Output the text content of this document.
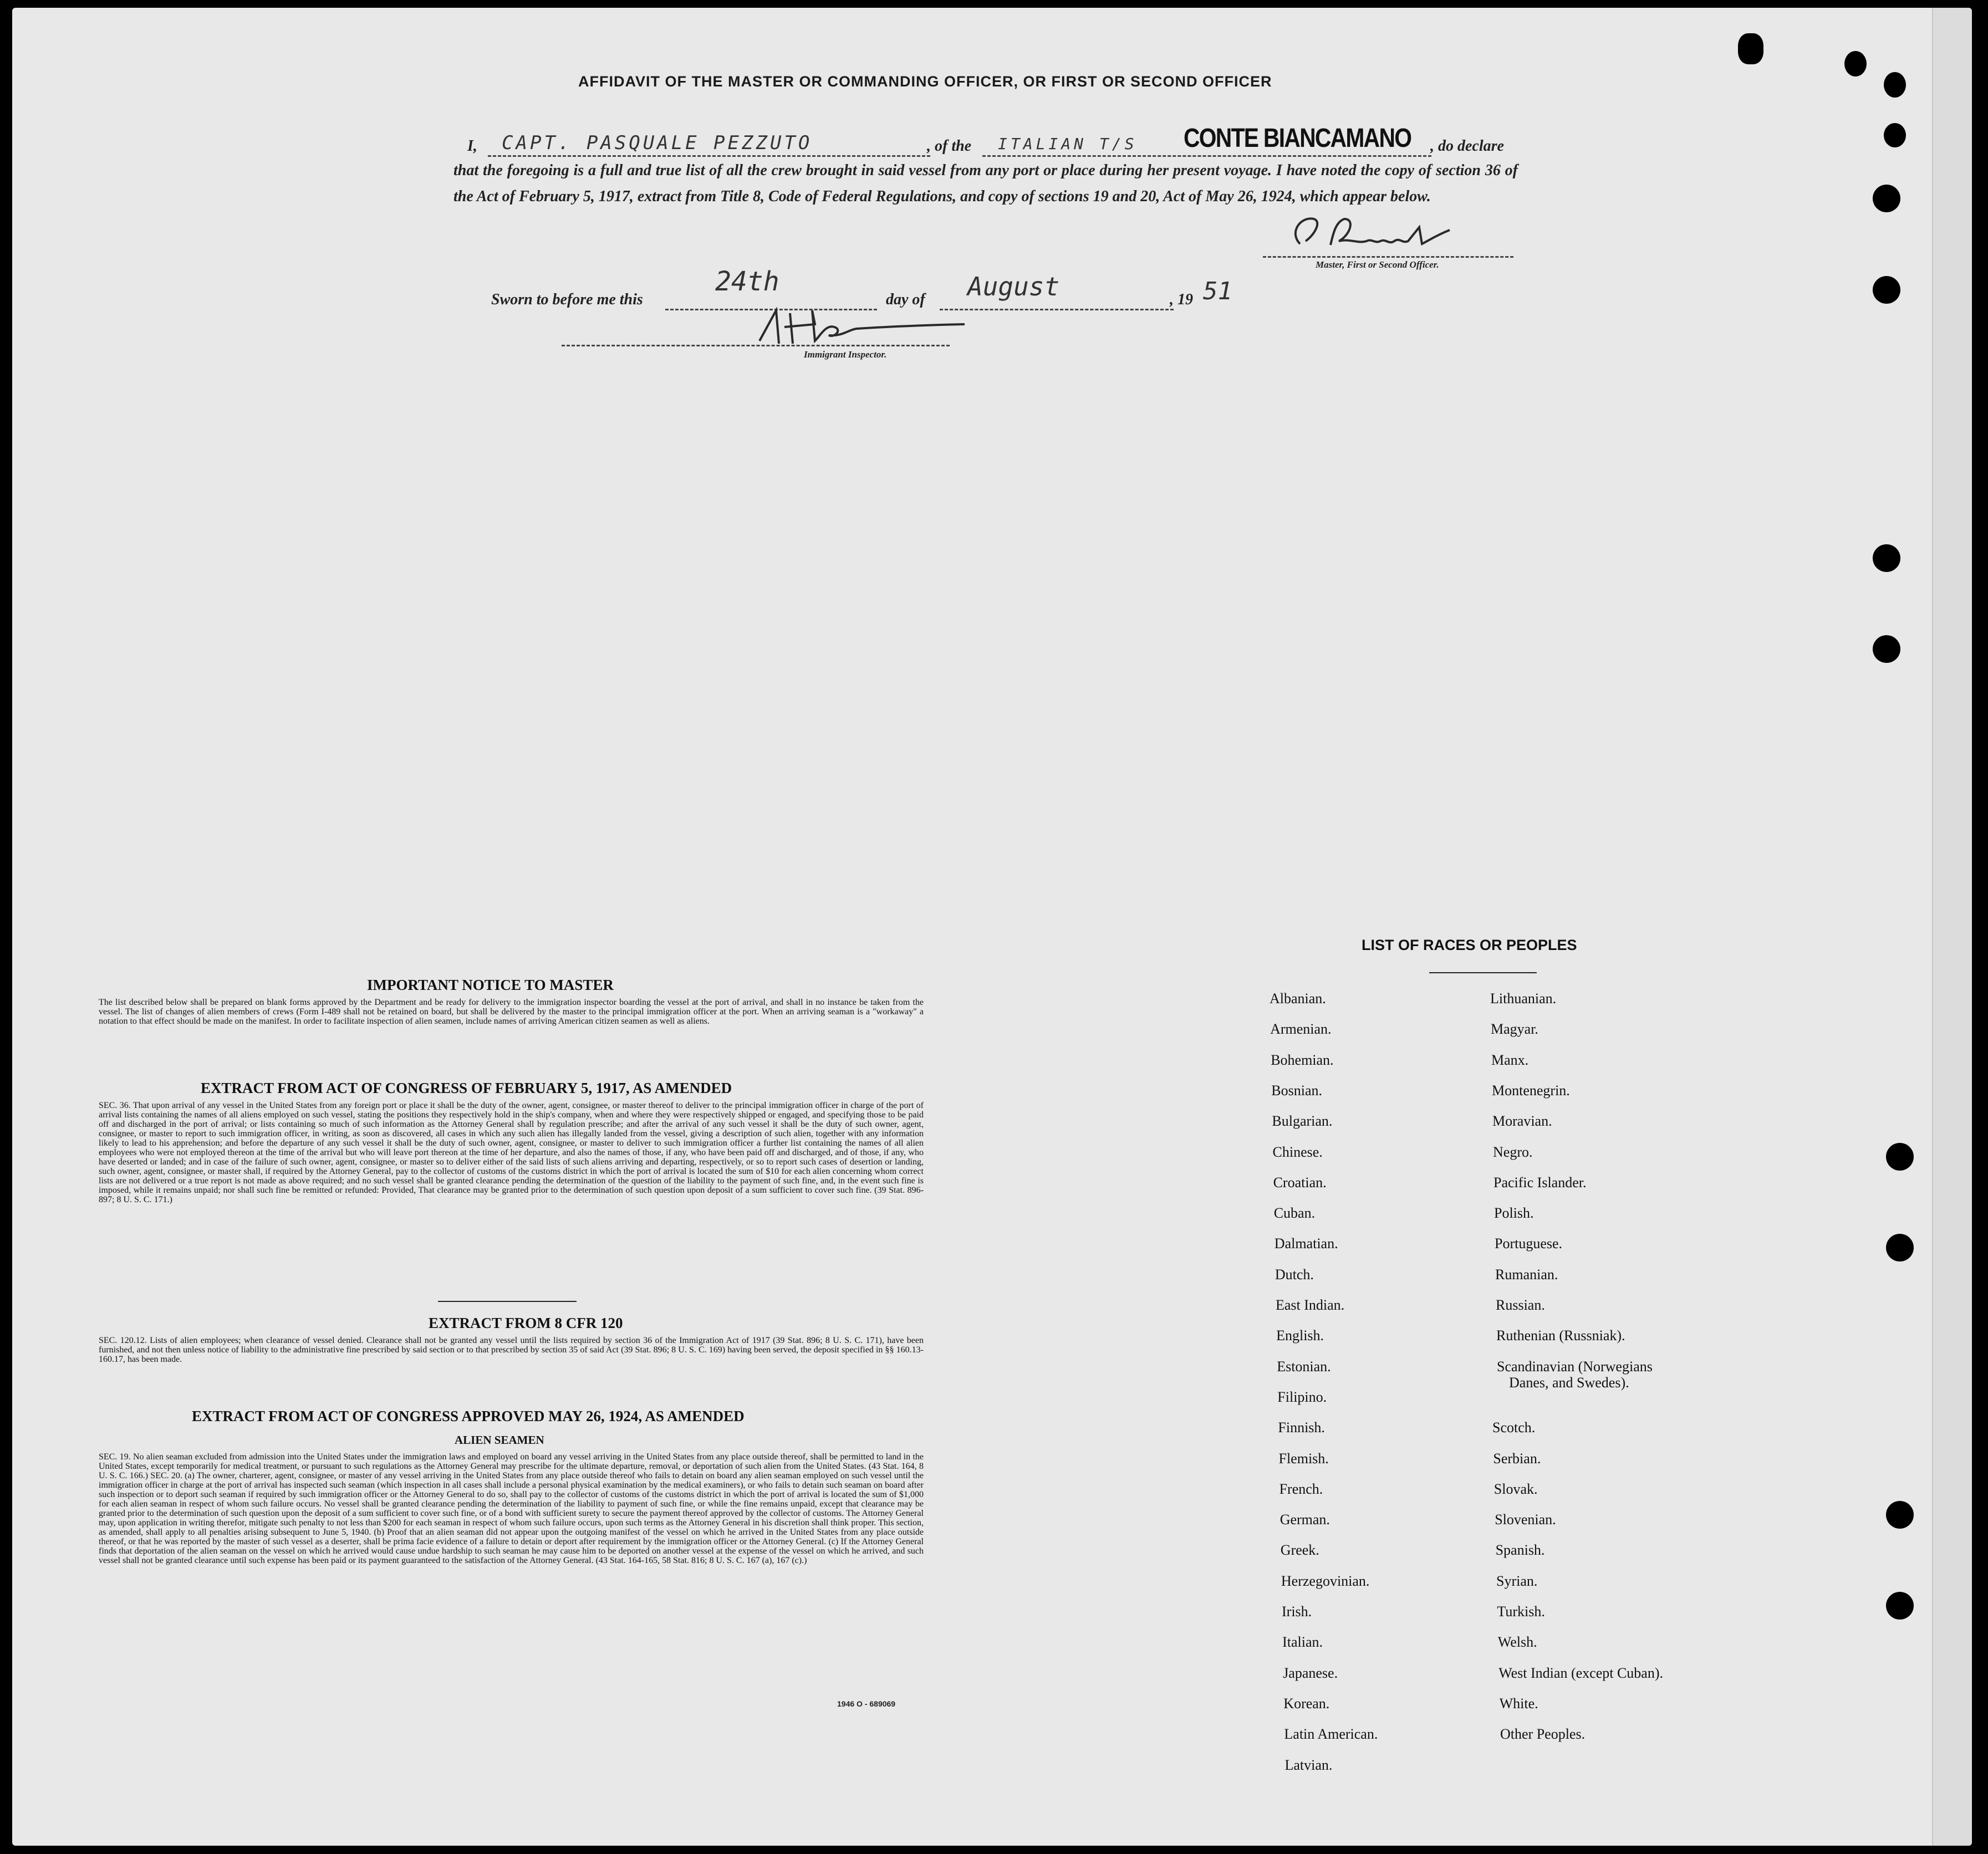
AFFIDAVIT OF THE MASTER OR COMMANDING OFFICER, OR FIRST OR SECOND OFFICER
I, CAPT. PASQUALE PEZZUTO	, of the ITALIAN T/S CONTE BIANCAMANO , do declare

that the foregoing is a full and true list of all the crew brought in said vessel from any port or place during her present voyage. I have noted the copy of section 36 of the Act of February 5, 1917, extract from Title 8, Code of Federal Regulations, and copy of sections 19 and 20, Act of May 26, 1924, which appear below.

Master, First or Second Officer.
Sworn to before me this
24th
day of August	, 19 51
Immigrant Inspector.
IMPORTANT NOTICE TO MASTER

The list described below shall be prepared on blank forms approved by the Department and be ready for delivery to the immigration inspector boarding the vessel at the port of arrival, and shall in no instance be taken from the vessel. The list of changes of alien members of crews (Form I-489 shall not be retained on board, but shall be delivered by the master to the principal immigration officer at the port. When an arriving seaman is a "workaway" a notation to that effect should be made on the manifest. In order to facilitate inspection of alien seamen, include names of arriving American citizen seamen as well as aliens.

EXTRACT FROM ACT OF CONGRESS OF FEBRUARY 5, 1917, AS AMENDED

SEC. 36. That upon arrival of any vessel in the United States from any foreign port or place it shall be the duty of the owner, agent, consignee, or master thereof to deliver to the principal immigration officer in charge of the port of arrival lists containing the names of all aliens employed on such vessel, stating the positions they respectively hold in the ship's company, when and where they were respectively shipped or engaged, and specifying those to be paid off and discharged in the port of arrival; or lists containing so much of such information as the Attorney General shall by regulation prescribe; and after the arrival of any such vessel it shall be the duty of such owner, agent, consignee, or master to report to such immigration officer, in writing, as soon as discovered, all cases in which any such alien has illegally landed from the vessel, giving a description of such alien, together with any information likely to lead to his apprehension; and before the departure of any such vessel it shall be the duty of such owner, agent, consignee, or master to deliver to such immigration officer a further list containing the names of all alien employees who were not employed thereon at the time of the arrival but who will leave port thereon at the time of her departure, and also the names of those, if any, who have been paid off and discharged, and of those, if any, who have deserted or landed; and in case of the failure of such owner, agent, consignee, or master so to deliver either of the said lists of such aliens arriving and departing, respectively, or so to report such cases of desertion or landing, such owner, agent, consignee, or master shall, if required by the Attorney General, pay to the collector of customs of the customs district in which the port of arrival is located the sum of $10 for each alien concerning whom correct lists are not delivered or a true report is not made as above required; and no such vessel shall be granted clearance pending the determination of the question of the liability to the payment of such fine, and, in the event such fine is imposed, while it remains unpaid; nor shall such fine be remitted or refunded: Provided, That clearance may be granted prior to the determination of such question upon deposit of a sum sufficient to cover such fine. (39 Stat. 896-897; 8 U. S. C. 171.)

EXTRACT FROM 8 CFR 120

SEC. 120.12. Lists of alien employees; when clearance of vessel denied. Clearance shall not be granted any vessel until the lists required by section 36 of the Immigration Act of 1917 (39 Stat. 896; 8 U. S. C. 171), have been furnished, and not then unless notice of liability to the administrative fine prescribed by said section or to that prescribed by section 35 of said Act (39 Stat. 896; 8 U. S. C. 169) having been served, the deposit specified in §§ 160.13-160.17, has been made.

EXTRACT FROM ACT OF CONGRESS APPROVED MAY 26, 1924, AS AMENDED
ALIEN SEAMEN

SEC. 19. No alien seaman excluded from admission into the United States under the immigration laws and employed on board any vessel arriving in the United States from any place outside thereof, shall be permitted to land in the United States, except temporarily for medical treatment, or pursuant to such regulations as the Attorney General may prescribe for the ultimate departure, removal, or deportation of such alien from the United States. (43 Stat. 164, 8 U. S. C. 166.) SEC. 20. (a) The owner, charterer, agent, consignee, or master of any vessel arriving in the United States from any place outside thereof who fails to detain on board any alien seaman employed on such vessel until the immigration officer in charge at the port of arrival has inspected such seaman (which inspection in all cases shall include a personal physical examination by the medical examiners), or who fails to detain such seaman on board after such inspection or to deport such seaman if required by such immigration officer or the Attorney General to do so, shall pay to the collector of customs of the customs district in which the port of arrival is located the sum of $1,000 for each alien seaman in respect of whom such failure occurs. No vessel shall be granted clearance pending the determination of the liability to payment of such fine, or while the fine remains unpaid, except that clearance may be granted prior to the determination of such question upon the deposit of a sum sufficient to cover such fine, or of a bond with sufficient surety to secure the payment thereof approved by the collector of customs. The Attorney General may, upon application in writing therefor, mitigate such penalty to not less than $200 for each seaman in respect of whom such failure occurs, upon such terms as the Attorney General in his discretion shall think proper. This section, as amended, shall apply to all penalties arising subsequent to June 5, 1940. (b) Proof that an alien seaman did not appear upon the outgoing manifest of the vessel on which he arrived in the United States from any place outside thereof, or that he was reported by the master of such vessel as a deserter, shall be prima facie evidence of a failure to detain or deport after requirement by the immigration officer or the Attorney General. (c) If the Attorney General finds that deportation of the alien seaman on the vessel on which he arrived would cause undue hardship to such seaman he may cause him to be deported on another vessel at the expense of the vessel on which he arrived, and such vessel shall not be granted clearance until such expense has been paid or its payment guaranteed to the satisfaction of the Attorney General. (43 Stat. 164-165, 58 Stat. 816; 8 U. S. C. 167 (a), 167 (c).)

1946 O - 689069
LIST OF RACES OR PEOPLES
Albanian.
Armenian.
Bohemian.
Bosnian.
Bulgarian.
Chinese.
Croatian.
Cuban.
Dalmatian.
Dutch.
East Indian.
English.
Estonian.
Filipino.
Finnish.
Flemish.
French.
German.
Greek.
Herzegovinian.
Irish.
Italian.
Japanese.
Korean.
Latin American.
Latvian.
Lithuanian.
Magyar.
Manx.
Montenegrin.
Moravian.
Negro.
Pacific Islander.
Polish.
Portuguese.
Rumanian.
Russian.
Ruthenian (Russniak).
Scandinavian (Norwegians
Danes, and Swedes).
Scotch.
Serbian.
Slovak.
Slovenian.
Spanish.
Syrian.
Turkish.
Welsh.
West Indian (except Cuban).
White.
Other Peoples.
